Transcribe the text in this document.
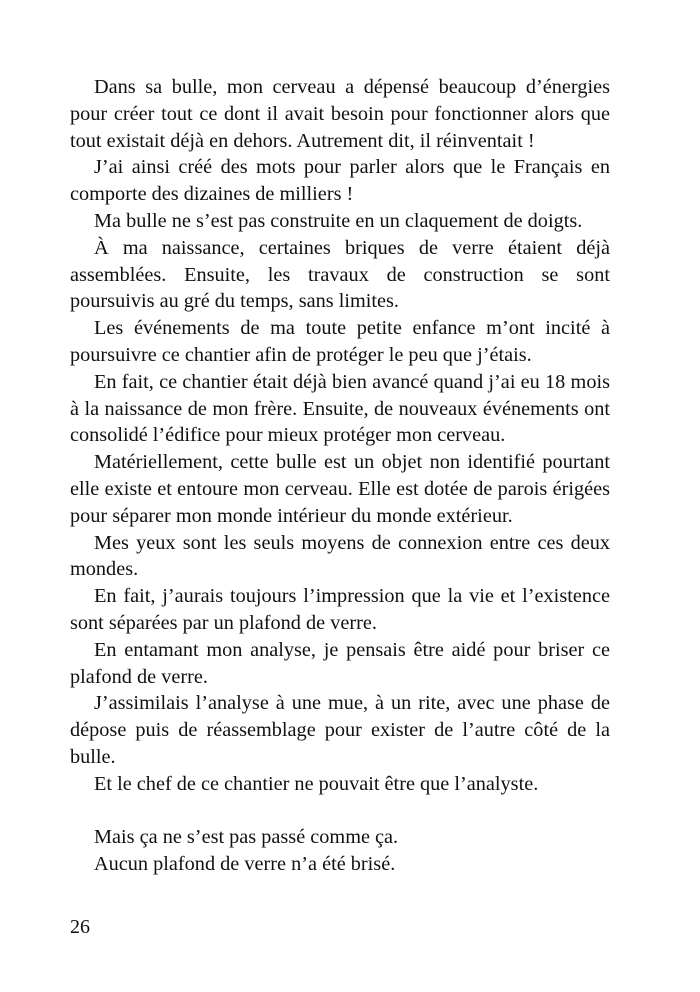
Dans sa bulle, mon cerveau a dépensé beaucoup d’énergies pour créer tout ce dont il avait besoin pour fonctionner alors que tout existait déjà en dehors. Autrement dit, il réinventait !

J’ai ainsi créé des mots pour parler alors que le Français en comporte des dizaines de milliers !

Ma bulle ne s’est pas construite en un claquement de doigts.

À ma naissance, certaines briques de verre étaient déjà assemblées. Ensuite, les travaux de construction se sont poursuivis au gré du temps, sans limites.

Les événements de ma toute petite enfance m’ont incité à poursuivre ce chantier afin de protéger le peu que j’étais.

En fait, ce chantier était déjà bien avancé quand j’ai eu 18 mois à la naissance de mon frère. Ensuite, de nouveaux événements ont consolidé l’édifice pour mieux protéger mon cerveau.

Matériellement, cette bulle est un objet non identifié pourtant elle existe et entoure mon cerveau. Elle est dotée de parois érigées pour séparer mon monde intérieur du monde extérieur.

Mes yeux sont les seuls moyens de connexion entre ces deux mondes.

En fait, j’aurais toujours l’impression que la vie et l’existence sont séparées par un plafond de verre.

En entamant mon analyse, je pensais être aidé pour briser ce plafond de verre.

J’assimilais l’analyse à une mue, à un rite, avec une phase de dépose puis de réassemblage pour exister de l’autre côté de la bulle.

Et le chef de ce chantier ne pouvait être que l’analyste.

Mais ça ne s’est pas passé comme ça.

Aucun plafond de verre n’a été brisé.

26
